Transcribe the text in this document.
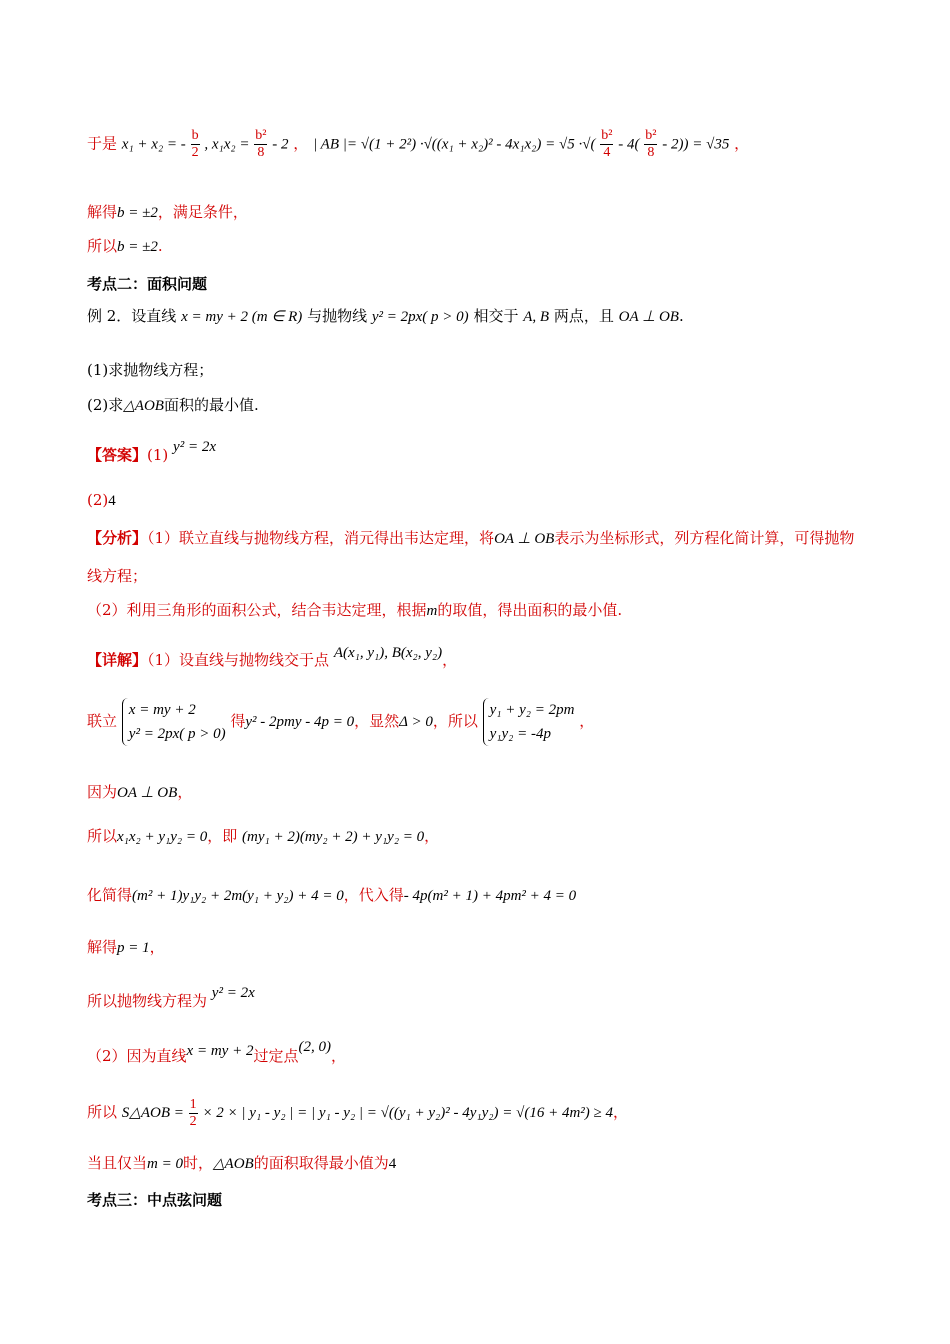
于是 x₁ + x₂ = - $\frac{b}{2}$ , $x_1x_2 = \frac{\text{b²}}{8} - 2$ ， | AB |= √(1 + 2²) ·√((x₁ + x₂)² - 4x₁x₂) = √5 ·√( $\frac{\text{b²}}{4} - 4( \frac{\text{b²}}{8} - 2)) = √35$ ，
解得b = ±2，满足条件，
所以b = ±2.
考点二：面积问题
例 2．设直线 x = my + 2 (m ∈ R) 与抛物线 y² = 2px( p > 0) 相交于 A, B 两点，且 OA ⊥ OB.
(1)求抛物线方程；
(2)求△AOB面积的最小值.
【答案】(1) y² = 2x
(2)4
【分析】（1）联立直线与抛物线方程，消元得出韦达定理，将OA ⊥ OB表示为坐标形式，列方程化简计算，可得抛物线方程；
（2）利用三角形的面积公式，结合韦达定理，根据m的取值，得出面积的最小值.
【详解】（1）设直线与抛物线交于点 A(x₁, y₁), B(x₂, y₂)，
联立
x = my + 2
y² = 2px( p > 0)
得y² - 2pmy - 4p = 0，显然Δ > 0，所以
y₁ + y₂ = 2pm
y₁y₂ = -4p
，
因为OA ⊥ OB，
所以x₁x₂ + y₁y₂ = 0，即 (my₁ + 2)(my₂ + 2) + y₁y₂ = 0，
化简得(m² + 1)y₁y₂ + 2m(y₁ + y₂) + 4 = 0，代入得- 4p(m² + 1) + 4pm² + 4 = 0
解得p = 1，
所以抛物线方程为 y² = 2x
（2）因为直线x = my + 2过定点(2, 0)，
所以 S△AOB = $\frac{1}{2} \times 2$ × | y₁ - y₂ | = | y₁ - y₂ | = √((y₁ + y₂)² - 4y₁y₂) = √(16 + 4m²) ≥ 4，
当且仅当m = 0时，△AOB的面积取得最小值为4
考点三：中点弦问题
